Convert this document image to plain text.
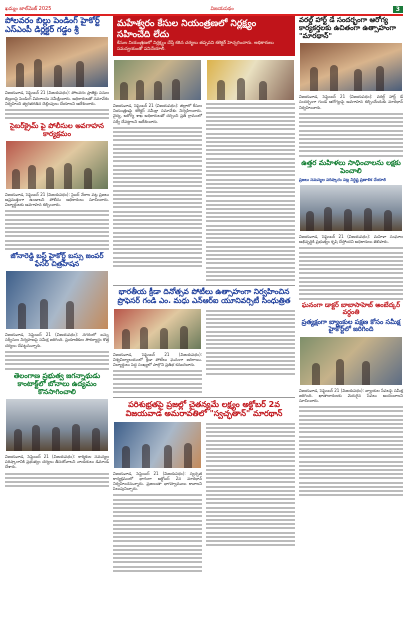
ఖమ్మం జాల్‌మెజ్ 2025	విజయపథం	3
పోలవరం బిల్లు పెండింగ్ హైకోర్ట్ ఎస్‌ఎంపీ డిర్లక్టర్ గడ్డం శ్రీ

విజయవాడ, సెప్టెంబర్ 21 (విజయపథం): పోలవరం ప్రాజెక్టు పనుల బిల్లులపై పెండింగ్ వివరాలను సమీక్షించారు. అధికారులతో సమావేశం నిర్వహించి త్వరితగతిన చెల్లింపులు చేయాలని ఆదేశించారు.

సైబర్‌క్రైమ్ పై పోలీసుల అవగాహన కార్యక్రమం

విజయవాడ, సెప్టెంబర్ 21 (విజయపథం): సైబర్ నేరాల పట్ల ప్రజలు అప్రమత్తంగా ఉండాలని పోలీసు అధికారులు సూచించారు. విద్యార్థులకు అవగాహన కల్పించారు.

జోనారెడ్డి బస్ట్ హైకోర్ట్ బస్సు జంపర్ ఫేసర్ చిత్రహేషన

విజయవాడ, సెప్టెంబర్ 21 (విజయపథం): నగరంలో బస్సు సర్వీసుల నిర్వహణపై సమీక్ష జరిగింది. ప్రయాణికుల సౌకర్యార్థం కొత్త చర్యలు చేపట్టనున్నారు.

తెలంగాణ ప్రభుత్వ జగన్నాథుడు కాంటాక్ట్‌లో బోనాలు ఉద్యమం కొనసాగించాలి

విజయవాడ, సెప్టెంబర్ 21 (విజయపథం): కార్మికుల సమస్యల పరిష్కారానికి ప్రభుత్వం చర్యలు తీసుకోవాలని నాయకులు డిమాండ్ చేశారు.

మహేశ్వరం కేసుల నియంత్రణలో నిర్లక్ష్యం సహించేది లేదు
కేసుల నియంత్రణలో నిర్లక్ష్యం చేస్తే కఠిన చర్యలు తప్పవని కలెక్టర్ హెచ్చరించారు. అధికారులు సమన్వయంతో పనిచేయాలి.

విజయవాడ, సెప్టెంబర్ 21 (విజయపథం): జిల్లాలో కేసుల నియంత్రణపై కలెక్టర్ సమీక్షా సమావేశం నిర్వహించారు. వైద్య, ఆరోగ్య శాఖ అధికారులతో చర్చించి ప్రతి గ్రామంలో సర్వే చేపట్టాలని ఆదేశించారు.

భారతీయ క్రీడా దినోత్సవ పోటీలు ఉత్సాహంగా నిర్వహించిన ప్రొఫెసర్ గండి ఎం. మధు ఎన్‌ఆర్‌ఐ యూనివర్సిటీ సింధుత్రిత

విజయవాడ, సెప్టెంబర్ 21 (విజయపథం): విశ్వవిద్యాలయంలో క్రీడా పోటీలు ఘనంగా జరిగాయి. విద్యార్థులు పెద్ద సంఖ్యలో పాల్గొని ప్రతిభ కనబరిచారు.

పరిశుభ్రతపై ప్రజల్లో చైతన్యమే లక్ష్యం అక్టోబర్ 2వ విజయవాడ అమరావతిలో "స్వచ్ఛతాన్" మారథాన్

విజయవాడ, సెప్టెంబర్ 21 (విజయపథం): స్వచ్ఛత కార్యక్రమంలో భాగంగా అక్టోబర్ 2న మారథాన్ నిర్వహించనున్నారు. ప్రజలంతా భాగస్వాములు కావాలని పిలుపునిచ్చారు.

వరల్డ్ హార్ట్ డే సందర్భంగా ఆరోగ్య కార్యకర్తలకు ఉచితంగా ఉత్సాహంగా "మారథాన్"

విజయవాడ, సెప్టెంబర్ 21 (విజయపథం): వరల్డ్ హార్ట్ డే సందర్భంగా గుండె ఆరోగ్యంపై అవగాహన కల్పించేందుకు మారథాన్ నిర్వహించారు.

ఉత్తర మహిళలు సాధించాలను లక్షకు పెంచాలి
ప్రజలు సమస్యల పరిష్కారం పట్ల నిర్ధిష్ట ప్రణాళిక చేయాలి

విజయవాడ, సెప్టెంబర్ 21 (విజయపథం): మహిళా సంఘాల అభివృద్ధికి ప్రభుత్వం కృషి చేస్తోందని అధికారులు తెలిపారు.

ఘనంగా డాక్టర్ బాబాసాహెబ్ అంబేద్కర్ వర్ధంతి
ప్రత్యక్షంగా బ్యాంకుల పక్షణ కోసం సమీక్ష హైకోర్ట్‌లో జరిగింది

విజయవాడ, సెప్టెంబర్ 21 (విజయపథం): బ్యాంకుల సేవలపై సమీక్ష జరిగింది. ఖాతాదారులకు మెరుగైన సేవలు అందించాలని సూచించారు.
